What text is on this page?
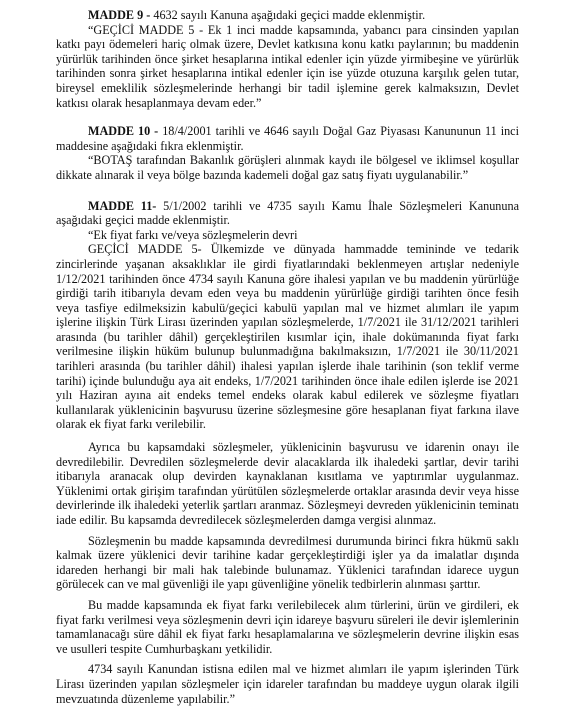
MADDE 9 - 4632 sayılı Kanuna aşağıdaki geçici madde eklenmiştir.

“GEÇİCİ MADDE 5 - Ek 1 inci madde kapsamında, yabancı para cinsinden yapılan katkı payı ödemeleri hariç olmak üzere, Devlet katkısına konu katkı paylarının; bu maddenin yürürlük tarihinden önce şirket hesaplarına intikal edenler için yüzde yirmibeşine ve yürürlük tarihinden sonra şirket hesaplarına intikal edenler için ise yüzde otuzuna karşılık gelen tutar, bireysel emeklilik sözleşmelerinde herhangi bir tadil işlemine gerek kalmaksızın, Devlet katkısı olarak hesaplanmaya devam eder.”

MADDE 10 - 18/4/2001 tarihli ve 4646 sayılı Doğal Gaz Piyasası Kanununun 11 inci maddesine aşağıdaki fıkra eklenmiştir.

“BOTAŞ tarafından Bakanlık görüşleri alınmak kaydı ile bölgesel ve iklimsel koşullar dikkate alınarak il veya bölge bazında kademeli doğal gaz satış fiyatı uygulanabilir.”

MADDE 11- 5/1/2002 tarihli ve 4735 sayılı Kamu İhale Sözleşmeleri Kanununa aşağıdaki geçici madde eklenmiştir.

“Ek fiyat farkı ve/veya sözleşmelerin devri

GEÇİCİ MADDE 5- Ülkemizde ve dünyada hammadde temininde ve tedarik zincirlerinde yaşanan aksaklıklar ile girdi fiyatlarındaki beklenmeyen artışlar nedeniyle 1/12/2021 tarihinden önce 4734 sayılı Kanuna göre ihalesi yapılan ve bu maddenin yürürlüğe girdiği tarih itibarıyla devam eden veya bu maddenin yürürlüğe girdiği tarihten önce fesih veya tasfiye edilmeksizin kabulü/geçici kabulü yapılan mal ve hizmet alımları ile yapım işlerine ilişkin Türk Lirası üzerinden yapılan sözleşmelerde, 1/7/2021 ile 31/12/2021 tarihleri arasında (bu tarihler dâhil) gerçekleştirilen kısımlar için, ihale dokümanında fiyat farkı verilmesine ilişkin hüküm bulunup bulunmadığına bakılmaksızın, 1/7/2021 ile 30/11/2021 tarihleri arasında (bu tarihler dâhil) ihalesi yapılan işlerde ihale tarihinin (son teklif verme tarihi) içinde bulunduğu aya ait endeks, 1/7/2021 tarihinden önce ihale edilen işlerde ise 2021 yılı Haziran ayına ait endeks temel endeks olarak kabul edilerek ve sözleşme fiyatları kullanılarak yüklenicinin başvurusu üzerine sözleşmesine göre hesaplanan fiyat farkına ilave olarak ek fiyat farkı verilebilir.

Ayrıca bu kapsamdaki sözleşmeler, yüklenicinin başvurusu ve idarenin onayı ile devredilebilir. Devredilen sözleşmelerde devir alacaklarda ilk ihaledeki şartlar, devir tarihi itibarıyla aranacak olup devirden kaynaklanan kısıtlama ve yaptırımlar uygulanmaz. Yüklenimi ortak girişim tarafından yürütülen sözleşmelerde ortaklar arasında devir veya hisse devirlerinde ilk ihaledeki yeterlik şartları aranmaz. Sözleşmeyi devreden yüklenicinin teminatı iade edilir. Bu kapsamda devredilecek sözleşmelerden damga vergisi alınmaz.

Sözleşmenin bu madde kapsamında devredilmesi durumunda birinci fıkra hükmü saklı kalmak üzere yüklenici devir tarihine kadar gerçekleştirdiği işler ya da imalatlar dışında idareden herhangi bir mali hak talebinde bulunamaz. Yüklenici tarafından idarece uygun görülecek can ve mal güvenliği ile yapı güvenliğine yönelik tedbirlerin alınması şarttır.

Bu madde kapsamında ek fiyat farkı verilebilecek alım türlerini, ürün ve girdileri, ek fiyat farkı verilmesi veya sözleşmenin devri için idareye başvuru süreleri ile devir işlemlerinin tamamlanacağı süre dâhil ek fiyat farkı hesaplamalarına ve sözleşmelerin devrine ilişkin esas ve usulleri tespite Cumhurbaşkanı yetkilidir.

4734 sayılı Kanundan istisna edilen mal ve hizmet alımları ile yapım işlerinden Türk Lirası üzerinden yapılan sözleşmeler için idareler tarafından bu maddeye uygun olarak ilgili mevzuatında düzenleme yapılabilir.”
